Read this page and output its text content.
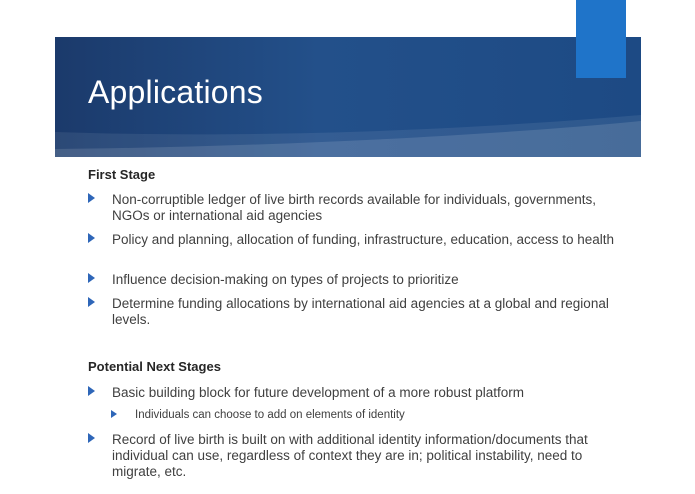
Applications
First Stage
Non-corruptible ledger of live birth records available for individuals, governments, NGOs or international aid agencies
Policy and planning, allocation of funding, infrastructure, education, access to health
Influence decision-making on types of projects to prioritize
Determine funding allocations by international aid agencies at a global and regional levels.
Potential Next Stages
Basic building block for future development of a more robust platform
Individuals can choose to add on elements of identity
Record of live birth is built on with additional identity information/documents that individual can use, regardless of context they are in; political instability, need to migrate, etc.
